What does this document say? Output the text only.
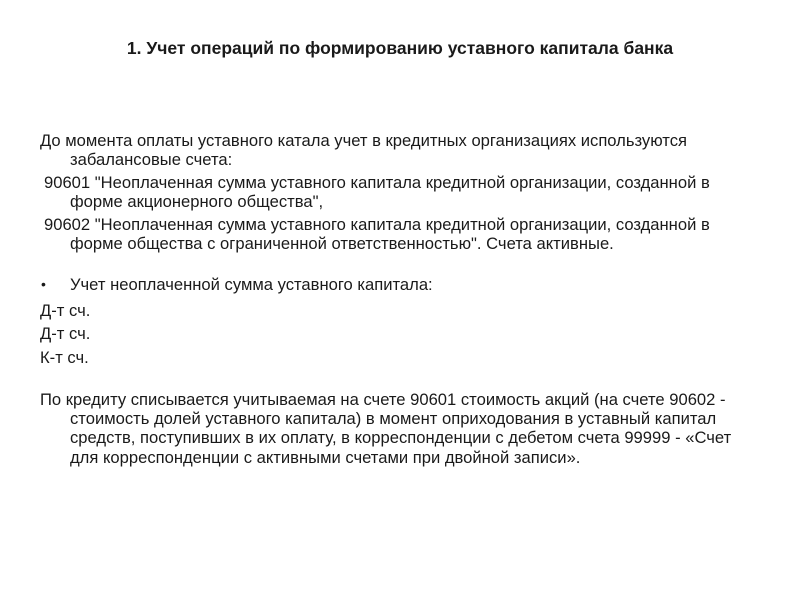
1. Учет операций по формированию уставного капитала банка

До момента оплаты уставного катала учет в кредитных организациях используются забалансовые счета:

90601 "Неоплаченная сумма уставного капитала кредитной организации, созданной в форме акционерного общества",

90602 "Неоплаченная сумма уставного капитала кредитной организации, созданной в форме общества с ограниченной ответственностью". Счета активные.

• Учет неоплаченной сумма уставного капитала:

Д-т сч.

Д-т сч.

К-т сч.

По кредиту списывается учитываемая на счете 90601 стоимость акций (на счете 90602 - стоимость долей уставного капитала) в момент оприходования в уставный капитал средств, поступивших в их оплату, в корреспонденции с дебетом счета 99999 - «Счет для корреспонденции с активными счетами при двойной записи».
